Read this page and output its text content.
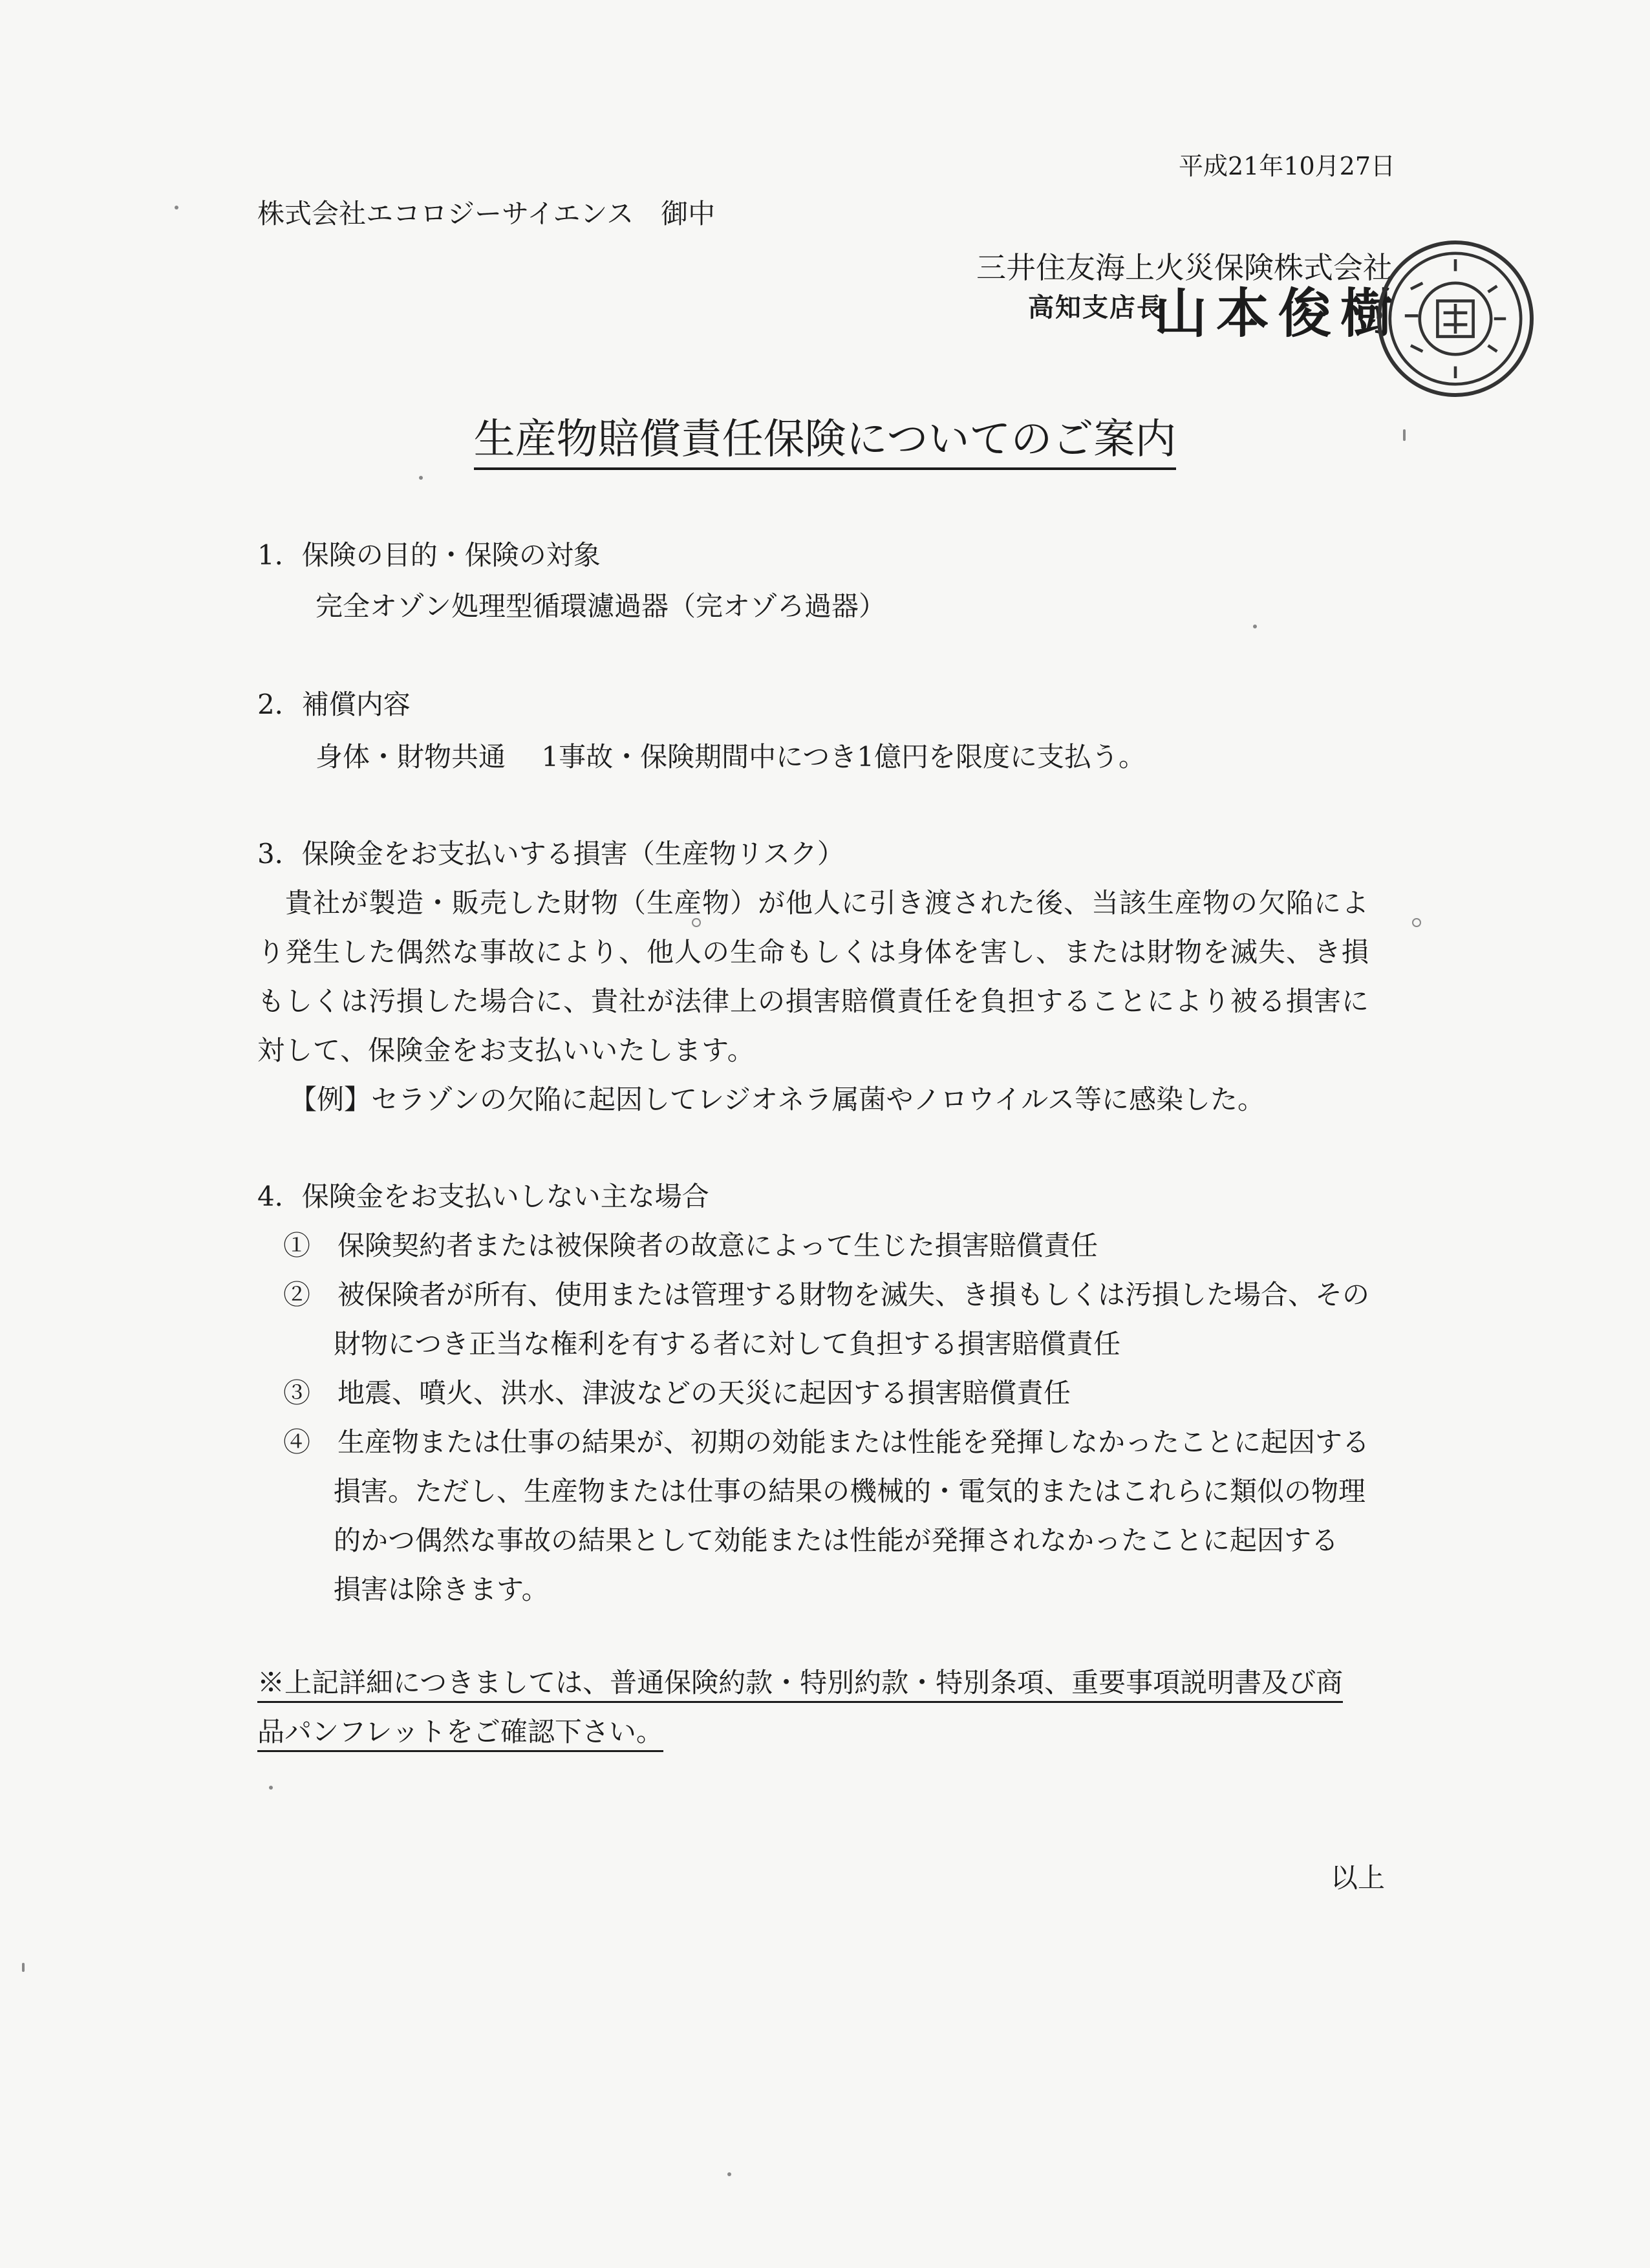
平成21年10月27日
株式会社エコロジーサイエンス　御中
三井住友海上火災保険株式会社
高知支店長
山本俊樹
生産物賠償責任保険についてのご案内
1．保険の目的・保険の対象
完全オゾン処理型循環濾過器（完オゾろ過器）
2．補償内容
身体・財物共通　 1事故・保険期間中につき1億円を限度に支払う。
3．保険金をお支払いする損害（生産物リスク）
　貴社が製造・販売した財物（生産物）が他人に引き渡された後、当該生産物の欠陥によ
り発生した偶然な事故により、他人の生命もしくは身体を害し、または財物を滅失、き損
もしくは汚損した場合に、貴社が法律上の損害賠償責任を負担することにより被る損害に
対して、保険金をお支払いいたします。
【例】セラゾンの欠陥に起因してレジオネラ属菌やノロウイルス等に感染した。
4．保険金をお支払いしない主な場合
①　保険契約者または被保険者の故意によって生じた損害賠償責任
②　被保険者が所有、使用または管理する財物を滅失、き損もしくは汚損した場合、その
財物につき正当な権利を有する者に対して負担する損害賠償責任
③　地震、噴火、洪水、津波などの天災に起因する損害賠償責任
④　生産物または仕事の結果が、初期の効能または性能を発揮しなかったことに起因する
損害。ただし、生産物または仕事の結果の機械的・電気的またはこれらに類似の物理
的かつ偶然な事故の結果として効能または性能が発揮されなかったことに起因する
損害は除きます。
※上記詳細につきましては、普通保険約款・特別約款・特別条項、重要事項説明書及び商
品パンフレットをご確認下さい。
以上
